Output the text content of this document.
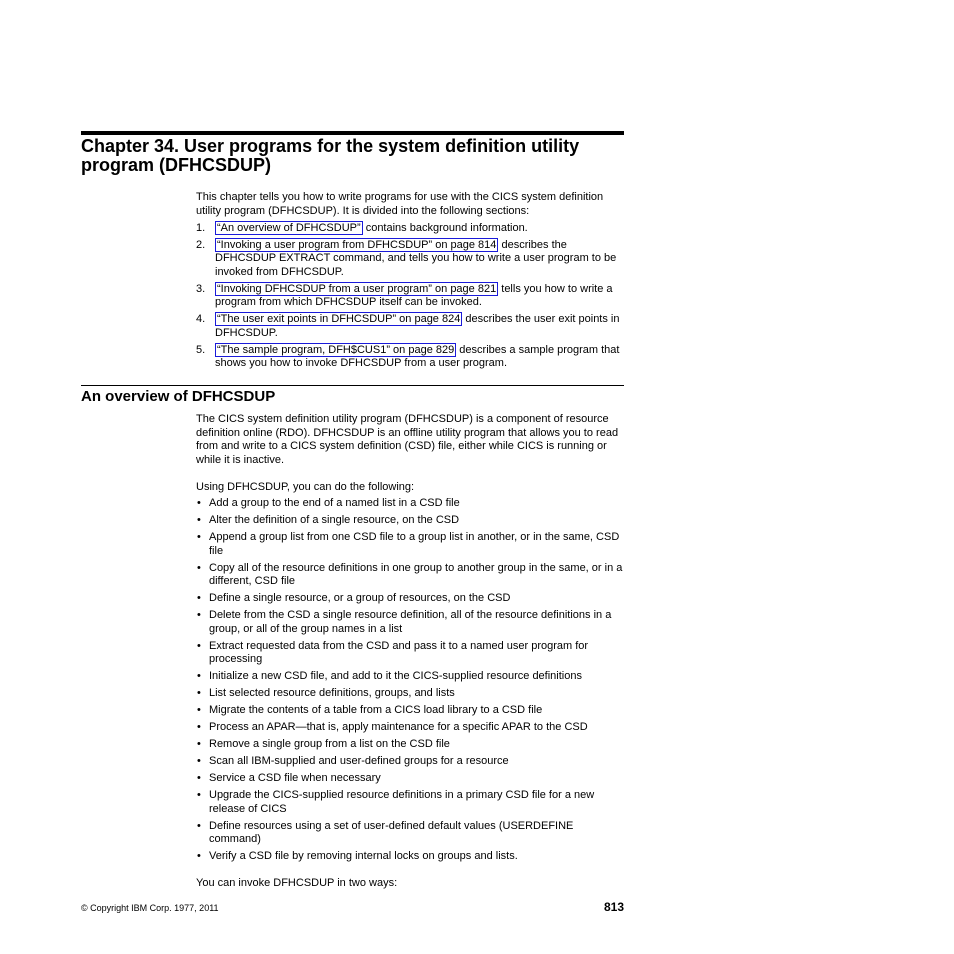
Chapter 34. User programs for the system definition utility program (DFHCSDUP)

This chapter tells you how to write programs for use with the CICS system definition utility program (DFHCSDUP). It is divided into the following sections:

1. “An overview of DFHCSDUP” contains background information.
2. “Invoking a user program from DFHCSDUP” on page 814 describes the DFHCSDUP EXTRACT command, and tells you how to write a user program to be invoked from DFHCSDUP.
3. “Invoking DFHCSDUP from a user program” on page 821 tells you how to write a program from which DFHCSDUP itself can be invoked.
4. “The user exit points in DFHCSDUP” on page 824 describes the user exit points in DFHCSDUP.
5. “The sample program, DFH$CUS1” on page 829 describes a sample program that shows you how to invoke DFHCSDUP from a user program.
An overview of DFHCSDUP

The CICS system definition utility program (DFHCSDUP) is a component of resource definition online (RDO). DFHCSDUP is an offline utility program that allows you to read from and write to a CICS system definition (CSD) file, either while CICS is running or while it is inactive.

Using DFHCSDUP, you can do the following:

• Add a group to the end of a named list in a CSD file
• Alter the definition of a single resource, on the CSD
• Append a group list from one CSD file to a group list in another, or in the same, CSD file
• Copy all of the resource definitions in one group to another group in the same, or in a different, CSD file
• Define a single resource, or a group of resources, on the CSD
• Delete from the CSD a single resource definition, all of the resource definitions in a group, or all of the group names in a list
• Extract requested data from the CSD and pass it to a named user program for processing
• Initialize a new CSD file, and add to it the CICS-supplied resource definitions
• List selected resource definitions, groups, and lists
• Migrate the contents of a table from a CICS load library to a CSD file
• Process an APAR—that is, apply maintenance for a specific APAR to the CSD
• Remove a single group from a list on the CSD file
• Scan all IBM-supplied and user-defined groups for a resource
• Service a CSD file when necessary
• Upgrade the CICS-supplied resource definitions in a primary CSD file for a new release of CICS
• Define resources using a set of user-defined default values (USERDEFINE command)
• Verify a CSD file by removing internal locks on groups and lists.

You can invoke DFHCSDUP in two ways:

© Copyright IBM Corp. 1977, 2011	813
